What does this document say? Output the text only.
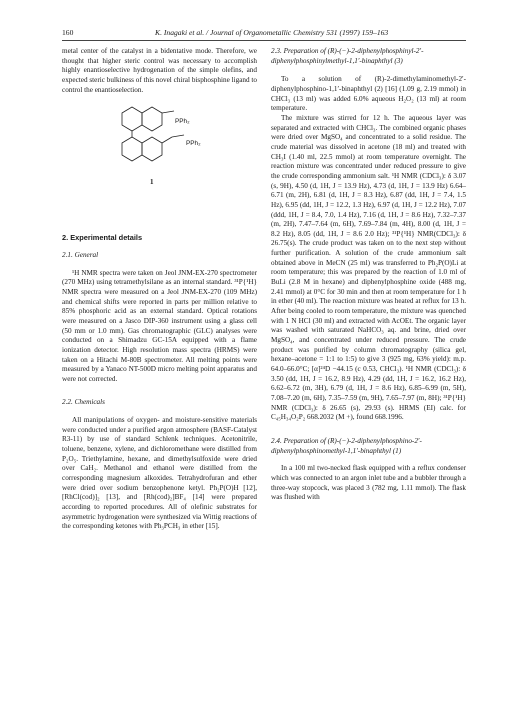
160	K. Inagaki et al. / Journal of Organometallic Chemistry 531 (1997) 159–163

metal center of the catalyst in a bidentative mode. Therefore, we thought that higher steric control was necessary to accomplish highly enantioselective hydrogenation of the simple olefins, and expected steric bulkiness of this novel chiral bisphosphine ligand to control the enantioselection.

PPh₂
PPh₂
1
2. Experimental details
2.1. General

¹H NMR spectra were taken on Jeol JNM-EX-270 spectrometer (270 MHz) using tetramethylsilane as an internal standard. ³¹P{¹H} NMR spectra were measured on a Jeol JNM-EX-270 (109 MHz) and chemical shifts were reported in parts per million relative to 85% phosphoric acid as an external standard. Optical rotations were measured on a Jasco DIP-360 instrument using a glass cell (50 mm or 1.0 mm). Gas chromatographic (GLC) analyses were conducted on a Shimadzu GC-15A equipped with a flame ionization detector. High resolution mass spectra (HRMS) were taken on a Hitachi M-80B spectrometer. All melting points were measured by a Yanaco NT-500D micro melting point apparatus and were not corrected.

2.2. Chemicals

All manipulations of oxygen- and moisture-sensitive materials were conducted under a purified argon atmosphere (BASF-Catalyst R3-11) by use of standard Schlenk techniques. Acetonitrile, toluene, benzene, xylene, and dichloromethane were distilled from P₂O₅. Triethylamine, hexane, and dimethylsulfoxide were dried over CaH₂. Methanol and ethanol were distilled from the corresponding magnesium alkoxides. Tetrahydrofuran and ether were dried over sodium benzophenone ketyl. Ph₂P(O)H [12], [RhCl(cod)]₂ [13], and [Rh(cod)₂]BF₄ [14] were prepared according to reported procedures. All of olefinic substrates for asymmetric hydrogenation were synthesized via Wittig reactions of the corresponding ketones with Ph₃PCH₃ in ether [15].

2.3. Preparation of (R)-(−)-2-diphenylphosphinyl-2′-diphenylphosphinylmethyl-1,1′-binaphthyl (3)

To a solution of (R)-2-dimethylaminomethyl-2′-diphenylphosphino-1,1′-binaphthyl (2) [16] (1.09 g, 2.19 mmol) in CHCl₃ (13 ml) was added 6.0% aqueous H₂O₂ (13 ml) at room temperature.

The mixture was stirred for 12 h. The aqueous layer was separated and extracted with CHCl₃. The combined organic phases were dried over MgSO₄ and concentrated to a solid residue. The crude material was dissolved in acetone (18 ml) and treated with CH₃I (1.40 ml, 22.5 mmol) at room temperature overnight. The reaction mixture was concentrated under reduced pressure to give the crude corresponding ammonium salt. ¹H NMR (CDCl₃): δ 3.07 (s, 9H), 4.50 (d, 1H, J = 13.9 Hz), 4.73 (d, 1H, J = 13.9 Hz) 6.64–6.71 (m, 2H), 6.81 (d, 1H, J = 8.3 Hz), 6.87 (dd, 1H, J = 7.4, 1.5 Hz), 6.95 (dd, 1H, J = 12.2, 1.3 Hz), 6.97 (d, 1H, J = 12.2 Hz), 7.07 (ddd, 1H, J = 8.4, 7.0, 1.4 Hz), 7.16 (d, 1H, J = 8.6 Hz), 7.32–7.37 (m, 2H), 7.47–7.64 (m, 6H), 7.69–7.84 (m, 4H), 8.00 (d, 1H, J = 8.2 Hz), 8.05 (dd, 1H, J = 8.6 2.0 Hz); ³¹P{¹H} NMR(CDCl₃): δ 26.75(s). The crude product was taken on to the next step without further purification. A solution of the crude ammonium salt obtained above in MeCN (25 ml) was transferred to Ph₂P(O)Li at room temperature; this was prepared by the reaction of 1.0 ml of BuLi (2.8 M in hexane) and diphenylphosphine oxide (488 mg, 2.41 mmol) at 0°C for 30 min and then at room temperature for 1 h in ether (40 ml). The reaction mixture was heated at reflux for 13 h. After being cooled to room temperature, the mixture was quenched with 1 N HCl (30 ml) and extracted with AcOEt. The organic layer was washed with saturated NaHCO₃ aq. and brine, dried over MgSO₄, and concentrated under reduced pressure. The crude product was purified by column chromatography (silica gel, hexane–acetone = 1:1 to 1:5) to give 3 (925 mg, 63% yield): m.p. 64.0–66.0°C; [α]²⁴D −44.15 (c 0.53, CHCl₃). ¹H NMR (CDCl₃): δ 3.50 (dd, 1H, J = 16.2, 8.9 Hz), 4.29 (dd, 1H, J = 16.2, 16.2 Hz), 6.62–6.72 (m, 3H), 6.79 (d, 1H, J = 8.6 Hz), 6.85–6.99 (m, 5H), 7.08–7.20 (m, 6H), 7.35–7.59 (m, 9H), 7.65–7.97 (m, 8H); ³¹P{¹H} NMR (CDCl₃): δ 26.65 (s), 29.93 (s). HRMS (EI) calc. for C₄₅H₃₄O₂P₂ 668.2032 (M +), found 668.1996.

2.4. Preparation of (R)-(−)-2-diphenylphosphino-2′-diphenylphosphinomethyl-1,1′-binaphthyl (1)

In a 100 ml two-necked flask equipped with a reflux condenser which was connected to an argon inlet tube and a bubbler through a three-way stopcock, was placed 3 (782 mg, 1.11 mmol). The flask was flushed with
